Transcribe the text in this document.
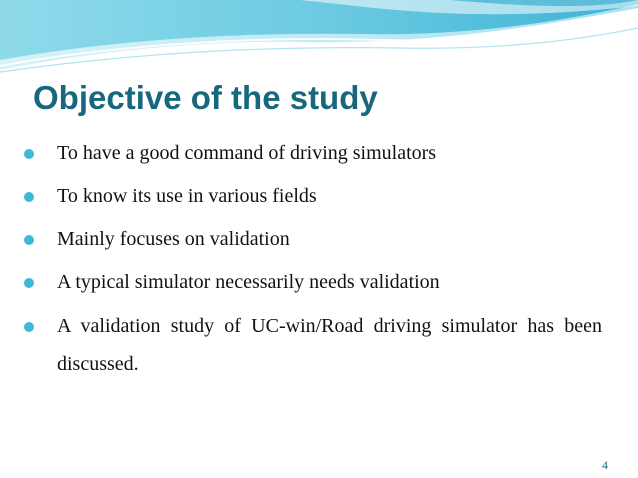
Objective of the study
To have a good command of driving simulators
To know its use in various fields
Mainly focuses on validation
A typical simulator necessarily needs validation
A validation study of UC-win/Road driving simulator has been discussed.
4
